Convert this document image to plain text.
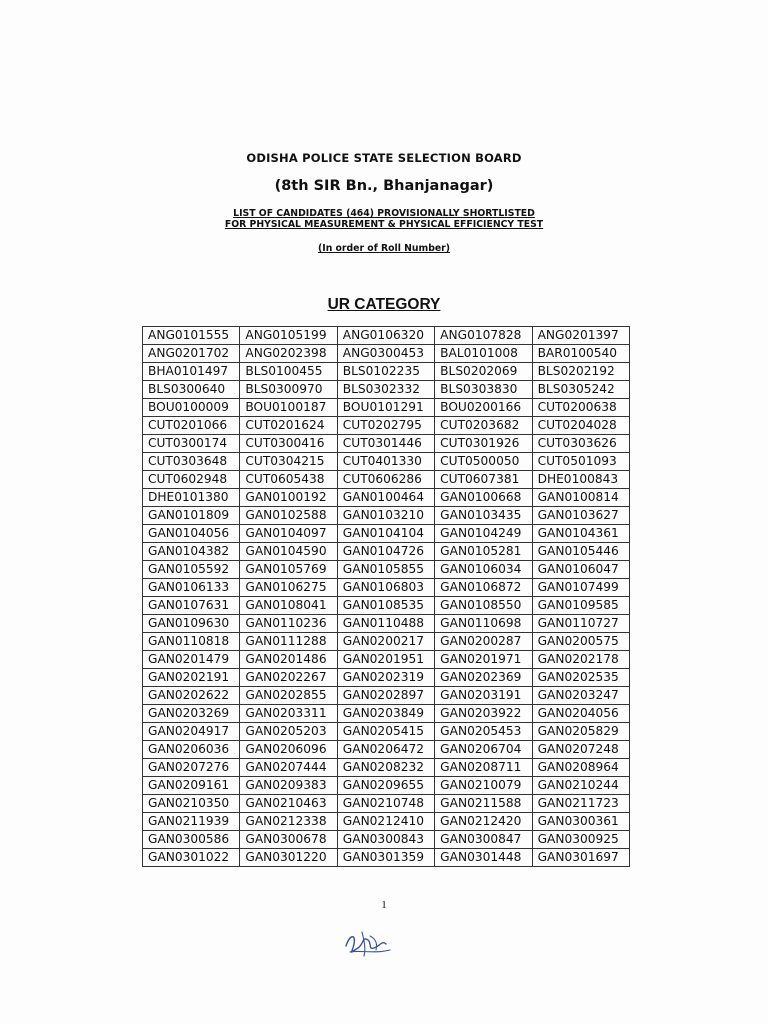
ODISHA POLICE STATE SELECTION BOARD
(8th SIR Bn., Bhanjanagar)
LIST OF CANDIDATES (464) PROVISIONALLY SHORTLISTED
FOR PHYSICAL MEASUREMENT & PHYSICAL EFFICIENCY TEST
(In order of Roll Number)
UR CATEGORY
ANG0101555	ANG0105199	ANG0106320	ANG0107828	ANG0201397
ANG0201702	ANG0202398	ANG0300453	BAL0101008	BAR0100540
BHA0101497	BLS0100455	BLS0102235	BLS0202069	BLS0202192
BLS0300640	BLS0300970	BLS0302332	BLS0303830	BLS0305242
BOU0100009	BOU0100187	BOU0101291	BOU0200166	CUT0200638
CUT0201066	CUT0201624	CUT0202795	CUT0203682	CUT0204028
CUT0300174	CUT0300416	CUT0301446	CUT0301926	CUT0303626
CUT0303648	CUT0304215	CUT0401330	CUT0500050	CUT0501093
CUT0602948	CUT0605438	CUT0606286	CUT0607381	DHE0100843
DHE0101380	GAN0100192	GAN0100464	GAN0100668	GAN0100814
GAN0101809	GAN0102588	GAN0103210	GAN0103435	GAN0103627
GAN0104056	GAN0104097	GAN0104104	GAN0104249	GAN0104361
GAN0104382	GAN0104590	GAN0104726	GAN0105281	GAN0105446
GAN0105592	GAN0105769	GAN0105855	GAN0106034	GAN0106047
GAN0106133	GAN0106275	GAN0106803	GAN0106872	GAN0107499
GAN0107631	GAN0108041	GAN0108535	GAN0108550	GAN0109585
GAN0109630	GAN0110236	GAN0110488	GAN0110698	GAN0110727
GAN0110818	GAN0111288	GAN0200217	GAN0200287	GAN0200575
GAN0201479	GAN0201486	GAN0201951	GAN0201971	GAN0202178
GAN0202191	GAN0202267	GAN0202319	GAN0202369	GAN0202535
GAN0202622	GAN0202855	GAN0202897	GAN0203191	GAN0203247
GAN0203269	GAN0203311	GAN0203849	GAN0203922	GAN0204056
GAN0204917	GAN0205203	GAN0205415	GAN0205453	GAN0205829
GAN0206036	GAN0206096	GAN0206472	GAN0206704	GAN0207248
GAN0207276	GAN0207444	GAN0208232	GAN0208711	GAN0208964
GAN0209161	GAN0209383	GAN0209655	GAN0210079	GAN0210244
GAN0210350	GAN0210463	GAN0210748	GAN0211588	GAN0211723
GAN0211939	GAN0212338	GAN0212410	GAN0212420	GAN0300361
GAN0300586	GAN0300678	GAN0300843	GAN0300847	GAN0300925
GAN0301022	GAN0301220	GAN0301359	GAN0301448	GAN0301697
1
